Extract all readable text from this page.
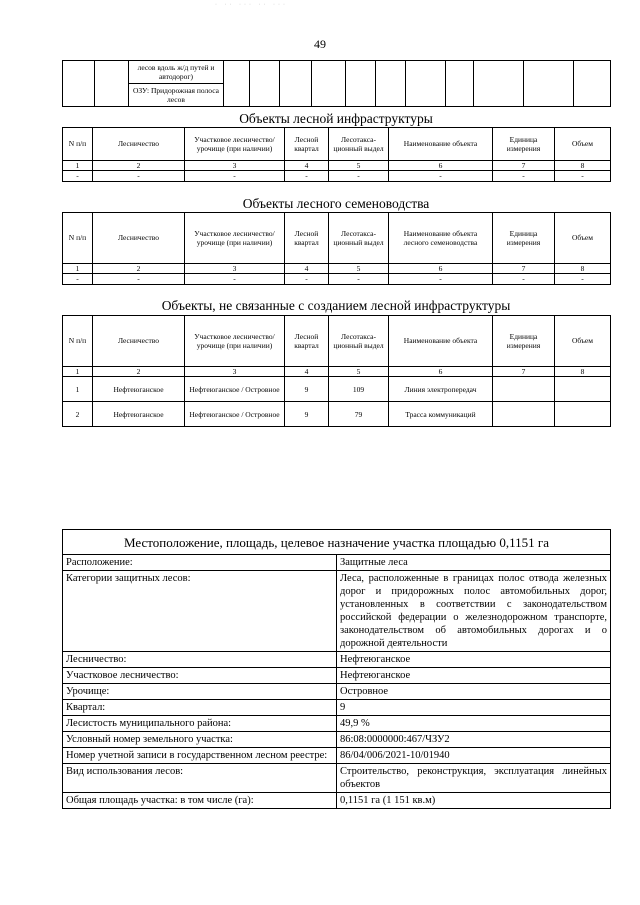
· ·· ··· ·· ···
49
		лесов вдоль ж/д путей и автодорог)											
ОЗУ: Придорожная полоса лесов
Объекты лесной инфраструктуры
N п/п	Лесничество	Участковое лесничество/урочище (при наличии)	Лесной квартал	Лесотакса-ционный выдел	Наименование объекта	Единица измерения	Объем
1	2	3	4	5	6	7	8
-	-	-	-	-	-	-	-
Объекты лесного семеноводства
N п/п	Лесничество	Участковое лесничество/урочище (при наличии)	Лесной квартал	Лесотакса-ционный выдел	Наименование объекта лесного семеноводства	Единица измерения	Объем
1	2	3	4	5	6	7	8
-	-	-	-	-	-	-	-
Объекты, не связанные с созданием лесной инфраструктуры
N п/п	Лесничество	Участковое лесничество/урочище (при наличии)	Лесной квартал	Лесотакса-ционный выдел	Наименование объекта	Единица измерения	Объем
1	2	3	4	5	6	7	8
1	Нефтеюганское	Нефтеюганское / Островное	9	109	Линия электропередач		
2	Нефтеюганское	Нефтеюганское / Островное	9	79	Трасса коммуникаций		
Местоположение, площадь, целевое назначение участка площадью 0,1151 га	
Расположение:	Защитные леса
Категории защитных лесов:	Леса, расположенные в границах полос отвода железных дорог и придорожных полос автомобильных дорог, установленных в соответствии с законодательством российской федерации о железнодорожном транспорте, законодательством об автомобильных дорогах и о дорожной деятельности
Лесничество:	Нефтеюганское
Участковое лесничество:	Нефтеюганское
Урочище:	Островное
Квартал:	9
Лесистость муниципального района:	49,9 %
Условный номер земельного участка:	86:08:0000000:467/ЧЗУ2
Номер учетной записи в государственном лесном реестре:	86/04/006/2021-10/01940
Вид использования лесов:	Строительство, реконструкция, эксплуатация линейных объектов
Общая площадь участка: в том числе (га):	0,1151 га (1 151 кв.м)
